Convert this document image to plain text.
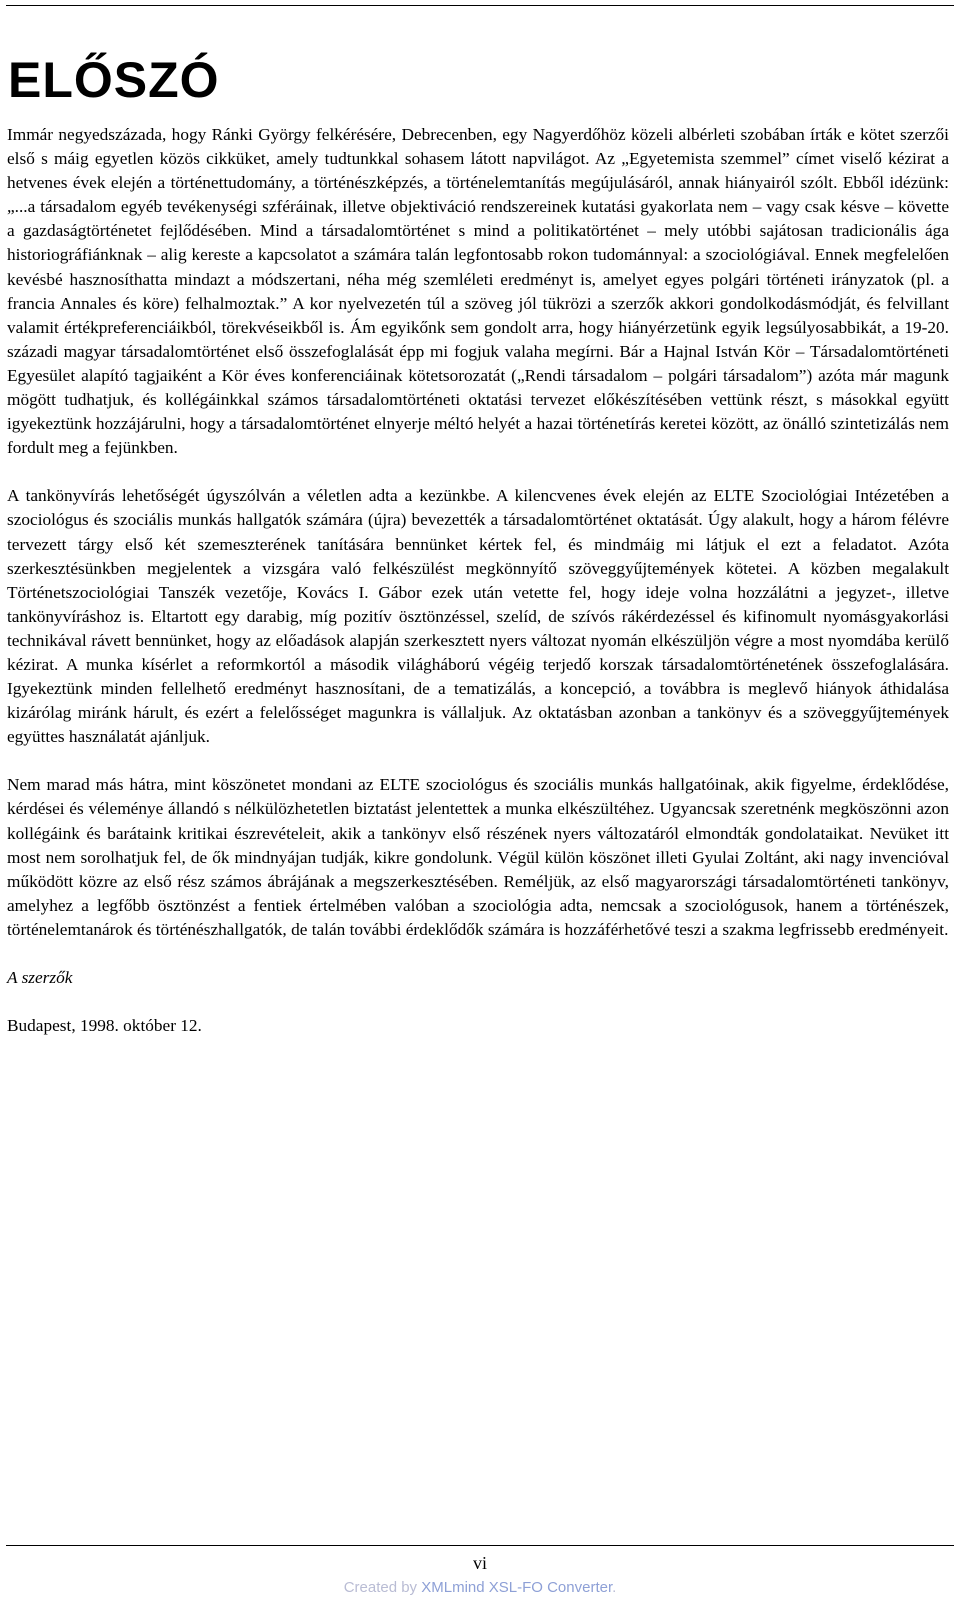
ELŐSZÓ

Immár negyedszázada, hogy Ránki György felkérésére, Debrecenben, egy Nagyerdőhöz közeli albérleti szobában írták e kötet szerzői első s máig egyetlen közös cikküket, amely tudtunkkal sohasem látott napvilágot. Az „Egyetemista szemmel” címet viselő kézirat a hetvenes évek elején a történettudomány, a történészképzés, a történelemtanítás megújulásáról, annak hiányairól szólt. Ebből idézünk: „...a társadalom egyéb tevékenységi szféráinak, illetve objektiváció rendszereinek kutatási gyakorlata nem – vagy csak késve – követte a gazdaságtörténetet fejlődésében. Mind a társadalomtörténet s mind a politikatörténet – mely utóbbi sajátosan tradicionális ága historiográfiánknak – alig kereste a kapcsolatot a számára talán legfontosabb rokon tudománnyal: a szociológiával. Ennek megfelelően kevésbé hasznosíthatta mindazt a módszertani, néha még szemléleti eredményt is, amelyet egyes polgári történeti irányzatok (pl. a francia Annales és köre) felhalmoztak.” A kor nyelvezetén túl a szöveg jól tükrözi a szerzők akkori gondolkodásmódját, és felvillant valamit értékpreferenciáikból, törekvéseikből is. Ám egyikőnk sem gondolt arra, hogy hiányérzetünk egyik legsúlyosabbikát, a 19-20. századi magyar társadalomtörténet első összefoglalását épp mi fogjuk valaha megírni. Bár a Hajnal István Kör – Társadalomtörténeti Egyesület alapító tagjaiként a Kör éves konferenciáinak kötetsorozatát („Rendi társadalom – polgári társadalom”) azóta már magunk mögött tudhatjuk, és kollégáinkkal számos társadalomtörténeti oktatási tervezet előkészítésében vettünk részt, s másokkal együtt igyekeztünk hozzájárulni, hogy a társadalomtörténet elnyerje méltó helyét a hazai történetírás keretei között, az önálló szintetizálás nem fordult meg a fejünkben.

A tankönyvírás lehetőségét úgyszólván a véletlen adta a kezünkbe. A kilencvenes évek elején az ELTE Szociológiai Intézetében a szociológus és szociális munkás hallgatók számára (újra) bevezették a társadalomtörténet oktatását. Úgy alakult, hogy a három félévre tervezett tárgy első két szemeszterének tanítására bennünket kértek fel, és mindmáig mi látjuk el ezt a feladatot. Azóta szerkesztésünkben megjelentek a vizsgára való felkészülést megkönnyítő szöveggyűjtemények kötetei. A közben megalakult Történetszociológiai Tanszék vezetője, Kovács I. Gábor ezek után vetette fel, hogy ideje volna hozzálátni a jegyzet-, illetve tankönyvíráshoz is. Eltartott egy darabig, míg pozitív ösztönzéssel, szelíd, de szívós rákérdezéssel és kifinomult nyomásgyakorlási technikával rávett bennünket, hogy az előadások alapján szerkesztett nyers változat nyomán elkészüljön végre a most nyomdába kerülő kézirat. A munka kísérlet a reformkortól a második világháború végéig terjedő korszak társadalomtörténetének összefoglalására. Igyekeztünk minden fellelhető eredményt hasznosítani, de a tematizálás, a koncepció, a továbbra is meglevő hiányok áthidalása kizárólag miránk hárult, és ezért a felelősséget magunkra is vállaljuk. Az oktatásban azonban a tankönyv és a szöveggyűjtemények együttes használatát ajánljuk.

Nem marad más hátra, mint köszönetet mondani az ELTE szociológus és szociális munkás hallgatóinak, akik figyelme, érdeklődése, kérdései és véleménye állandó s nélkülözhetetlen biztatást jelentettek a munka elkészültéhez. Ugyancsak szeretnénk megköszönni azon kollégáink és barátaink kritikai észrevételeit, akik a tankönyv első részének nyers változatáról elmondták gondolataikat. Nevüket itt most nem sorolhatjuk fel, de ők mindnyájan tudják, kikre gondolunk. Végül külön köszönet illeti Gyulai Zoltánt, aki nagy invencióval működött közre az első rész számos ábrájának a megszerkesztésében. Reméljük, az első magyarországi társadalomtörténeti tankönyv, amelyhez a legfőbb ösztönzést a fentiek értelmében valóban a szociológia adta, nemcsak a szociológusok, hanem a történészek, történelemtanárok és történészhallgatók, de talán további érdeklődők számára is hozzáférhetővé teszi a szakma legfrissebb eredményeit.

A szerzők

Budapest, 1998. október 12.

vi
Created by XMLmind XSL-FO Converter.
